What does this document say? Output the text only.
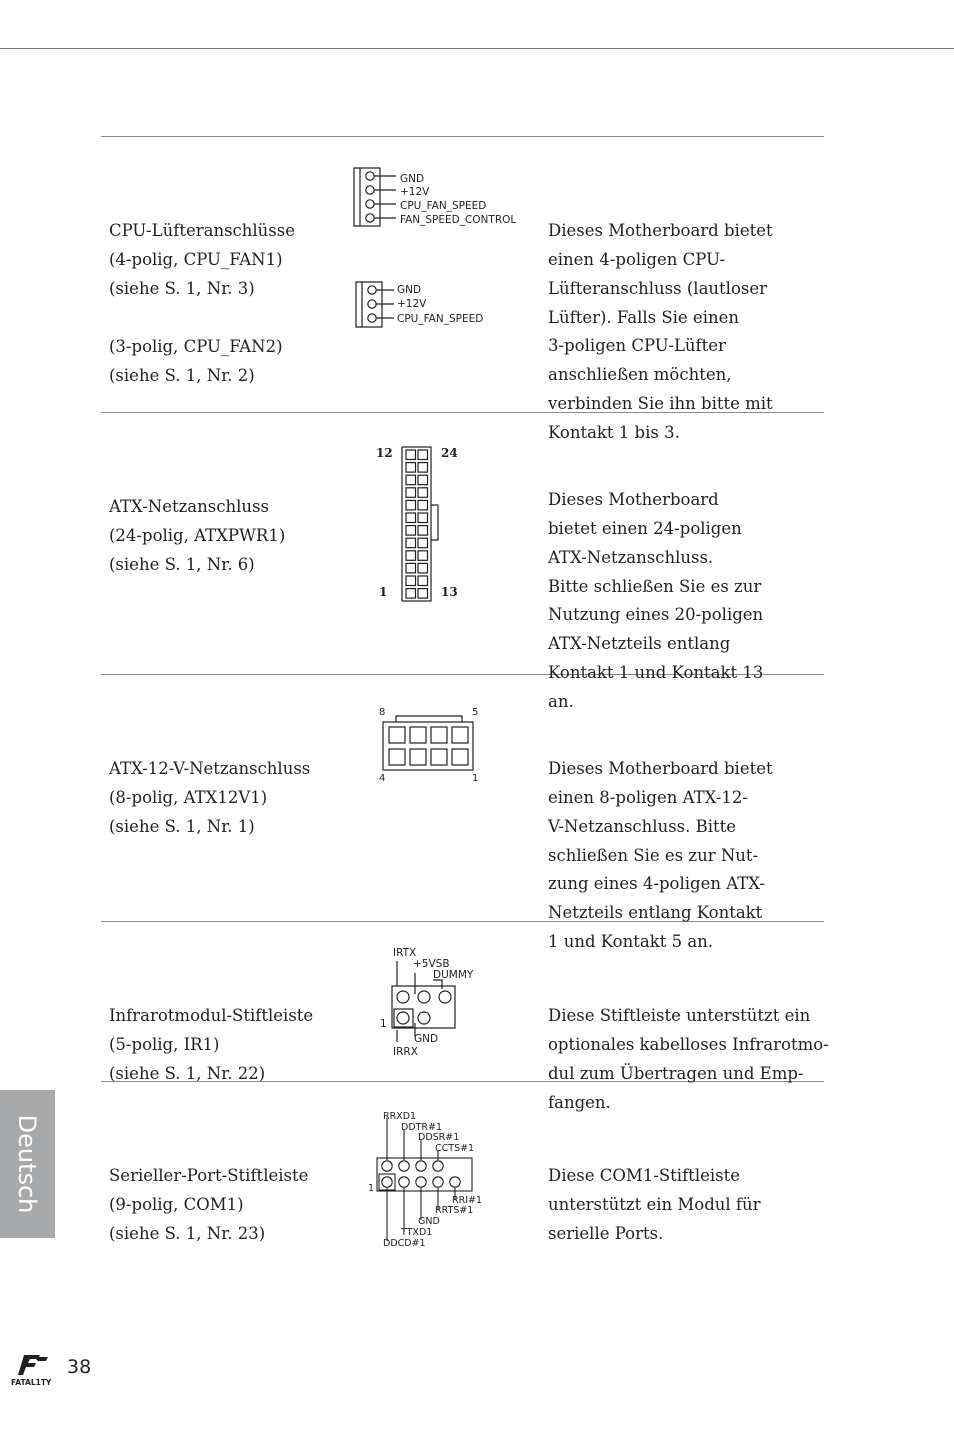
CPU-Lüfteranschlüsse
(4-polig, CPU_FAN1)
(siehe S. 1, Nr. 3)

(3-polig, CPU_FAN2)
(siehe S. 1, Nr. 2)

Dieses Motherboard bietet
einen 4-poligen CPU-
Lüfteranschluss (lautloser
Lüfter). Falls Sie einen
3-poligen CPU-Lüfter
anschließen möchten,
verbinden Sie ihn bitte mit
Kontakt 1 bis 3.

GND
+12V
CPU_FAN_SPEED
FAN_SPEED_CONTROL
GND
+12V
CPU_FAN_SPEED

ATX-Netzanschluss
(24-polig, ATXPWR1)
(siehe S. 1, Nr. 6)

Dieses Motherboard
bietet einen 24-poligen
ATX-Netzanschluss.
Bitte schließen Sie es zur
Nutzung eines 20-poligen
ATX-Netzteils entlang
Kontakt 1 und Kontakt 13
an.

12	24
1	13

ATX-12-V-Netzanschluss
(8-polig, ATX12V1)
(siehe S. 1, Nr. 1)

Dieses Motherboard bietet
einen 8-poligen ATX-12-
V-Netzanschluss. Bitte
schließen Sie es zur Nut-
zung eines 4-poligen ATX-
Netzteils entlang Kontakt
1 und Kontakt 5 an.

8	5
4	1

Infrarotmodul-Stiftleiste
(5-polig, IR1)
(siehe S. 1, Nr. 22)

Diese Stiftleiste unterstützt ein
optionales kabelloses Infrarotmo-
dul zum Übertragen und Emp-
fangen.

IRTX
+5VSB
DUMMY
1
GND
IRRX

Serieller-Port-Stiftleiste
(9-polig, COM1)
(siehe S. 1, Nr. 23)

Diese COM1-Stiftleiste
unterstützt ein Modul für
serielle Ports.

RRXD1
DDTR#1
DDSR#1
CCTS#1
1
RRI#1
RRTS#1
GND
TTXD1
DDCD#1
Deutsch
FATAL1TY
38
